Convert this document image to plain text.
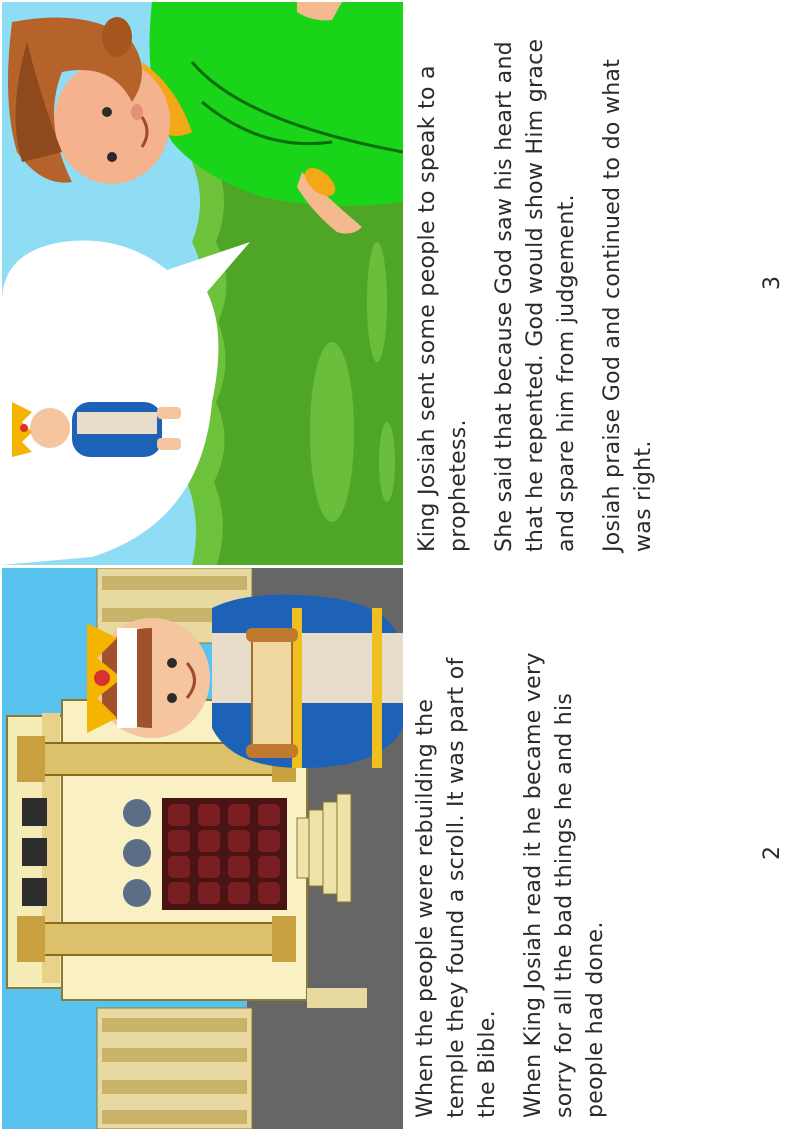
King Josiah sent some people to speak to a prophetess. She said that because God saw his heart and that he repented. God would show Him grace and spare him from judgement. Josiah praise God and continued to do what was right.

3

When the people were rebuilding the temple they found a scroll. It was part of the Bible. When King Josiah read it he became very sorry for all the bad things he and his people had done.

2
